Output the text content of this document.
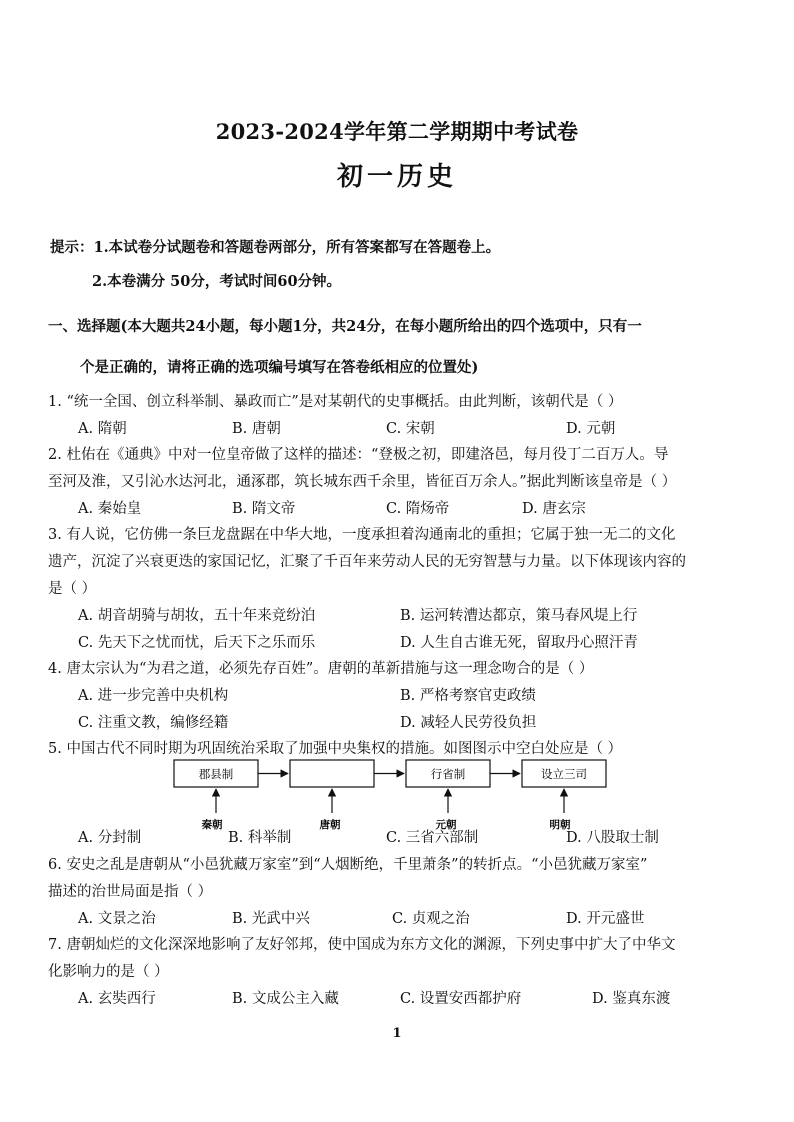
2023-2024学年第二学期期中考试卷
初一历史
提示：1.本试卷分试题卷和答题卷两部分，所有答案都写在答题卷上。
2.本卷满分 50分，考试时间60分钟。
一、选择题(本大题共24小题，每小题1分，共24分，在每小题所给出的四个选项中，只有一
个是正确的，请将正确的选项编号填写在答卷纸相应的位置处)
1. “统一全国、创立科举制、暴政而亡”是对某朝代的史事概括。由此判断，该朝代是（ ）
A. 隋朝	B. 唐朝	C. 宋朝	D. 元朝
2. 杜佑在《通典》中对一位皇帝做了这样的描述：“登极之初，即建洛邑，每月役丁二百万人。导
至河及淮，又引沁水达河北，通涿郡，筑长城东西千余里，皆征百万余人。”据此判断该皇帝是（ ）
A. 秦始皇	B. 隋文帝	C. 隋炀帝	D. 唐玄宗
3. 有人说，它仿佛一条巨龙盘踞在中华大地，一度承担着沟通南北的重担；它属于独一无二的文化
遗产，沉淀了兴衰更迭的家国记忆，汇聚了千百年来劳动人民的无穷智慧与力量。以下体现该内容的
是（ ）
A. 胡音胡骑与胡妆，五十年来竞纷泊	B. 运河转漕达都京，策马春风堤上行
C. 先天下之忧而忧，后天下之乐而乐	D. 人生自古谁无死，留取丹心照汗青
4. 唐太宗认为“为君之道，必须先存百姓”。唐朝的革新措施与这一理念吻合的是（ ）
A. 进一步完善中央机构	B. 严格考察官吏政绩
C. 注重文教，编修经籍	D. 减轻人民劳役负担
5. 中国古代不同时期为巩固统治采取了加强中央集权的措施。如图图示中空白处应是（ ）
郡县制	行省制	设立三司
秦朝	唐朝	元朝	明朝
A. 分封制	B. 科举制	C. 三省六部制	D. 八股取士制
6. 安史之乱是唐朝从“小邑犹藏万家室”到“人烟断绝，千里萧条”的转折点。“小邑犹藏万家室”
描述的治世局面是指（ ）
A. 文景之治	B. 光武中兴	C. 贞观之治	D. 开元盛世
7. 唐朝灿烂的文化深深地影响了友好邻邦，使中国成为东方文化的渊源，下列史事中扩大了中华文
化影响力的是（ ）
A. 玄奘西行	B. 文成公主入藏	C. 设置安西都护府	D. 鉴真东渡
1
